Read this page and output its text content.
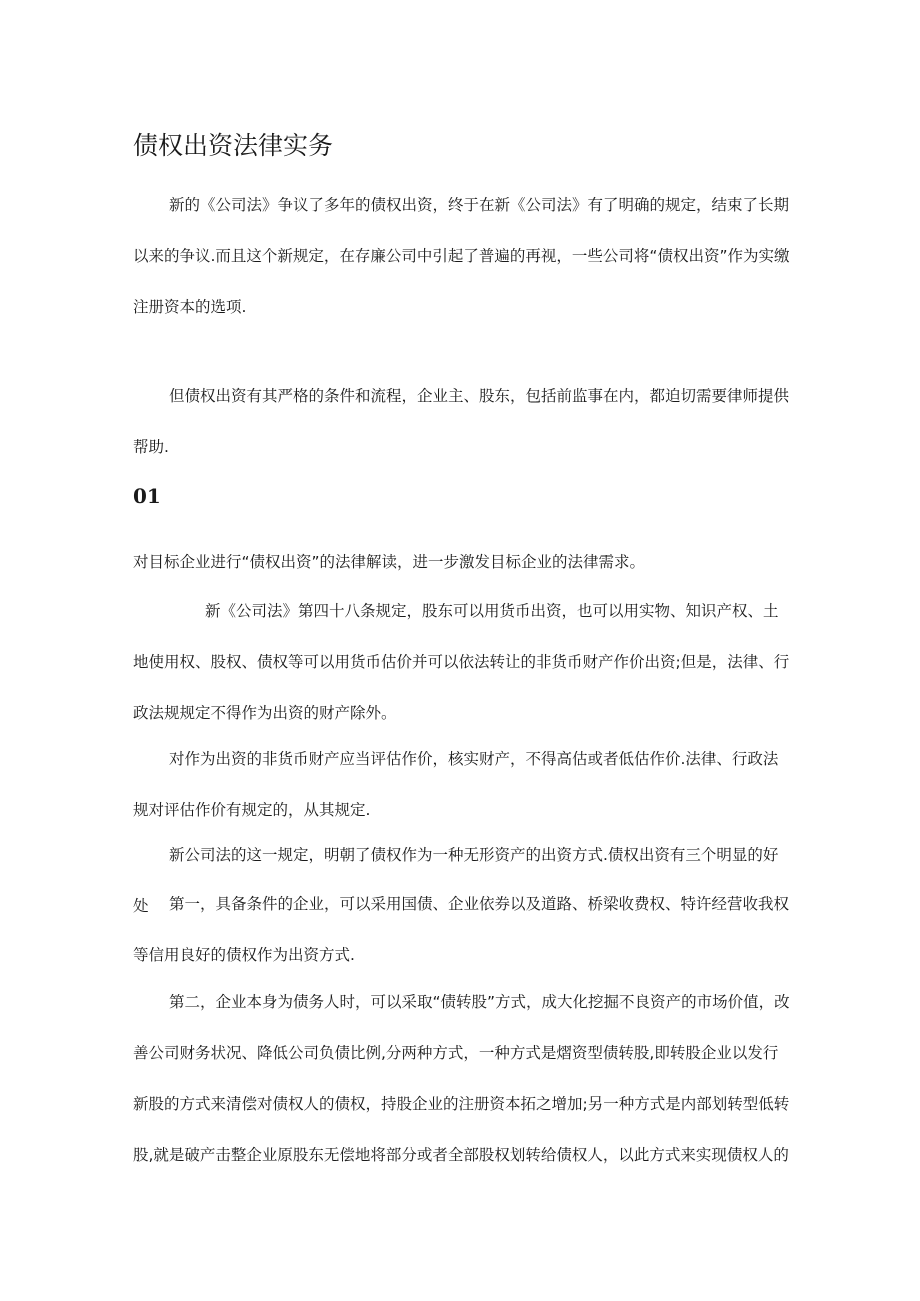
债权出资法律实务
新的《公司法》争议了多年的债权出资，终于在新《公司法》有了明确的规定，结束了长期以来的争议.而且这个新规定，在存廉公司中引起了普遍的再视，一些公司将“债权出资”作为实缴注册资本的选项.
但债权出资有其严格的条件和流程，企业主、股东，包括前监事在内，都迫切需要律师提供帮助.
01
对目标企业进行“债权出资”的法律解读，进一步激发目标企业的法律需求。
新《公司法》第四十八条规定，股东可以用货币出资，也可以用实物、知识产权、土地使用权、股权、债权等可以用货币估价并可以依法转让的非货币财产作价出资;但是，法律、行政法规规定不得作为出资的财产除外。
对作为出资的非货币财产应当评估作价，核实财产，不得高估或者低估作价.法律、行政法规对评估作价有规定的，从其规定.
新公司法的这一规定，明朝了债权作为一种无形资产的出资方式.债权出资有三个明显的好处	第一，具备条件的企业，可以采用国债、企业依券以及道路、桥梁收费权、特许经营收我权等信用良好的债权作为出资方式.
第二，企业本身为债务人时，可以采取“债转股”方式，成大化挖掘不良资产的市场价值，改善公司财务状况、降低公司负债比例,分两种方式，一种方式是熠资型债转股,即转股企业以发行新股的方式来清偿对债权人的债权，持股企业的注册资本拓之增加;另一种方式是内部划转型低转股,就是破产击整企业原股东无偿地将部分或者全部股权划转给债权人，以此方式来实现债权人的
